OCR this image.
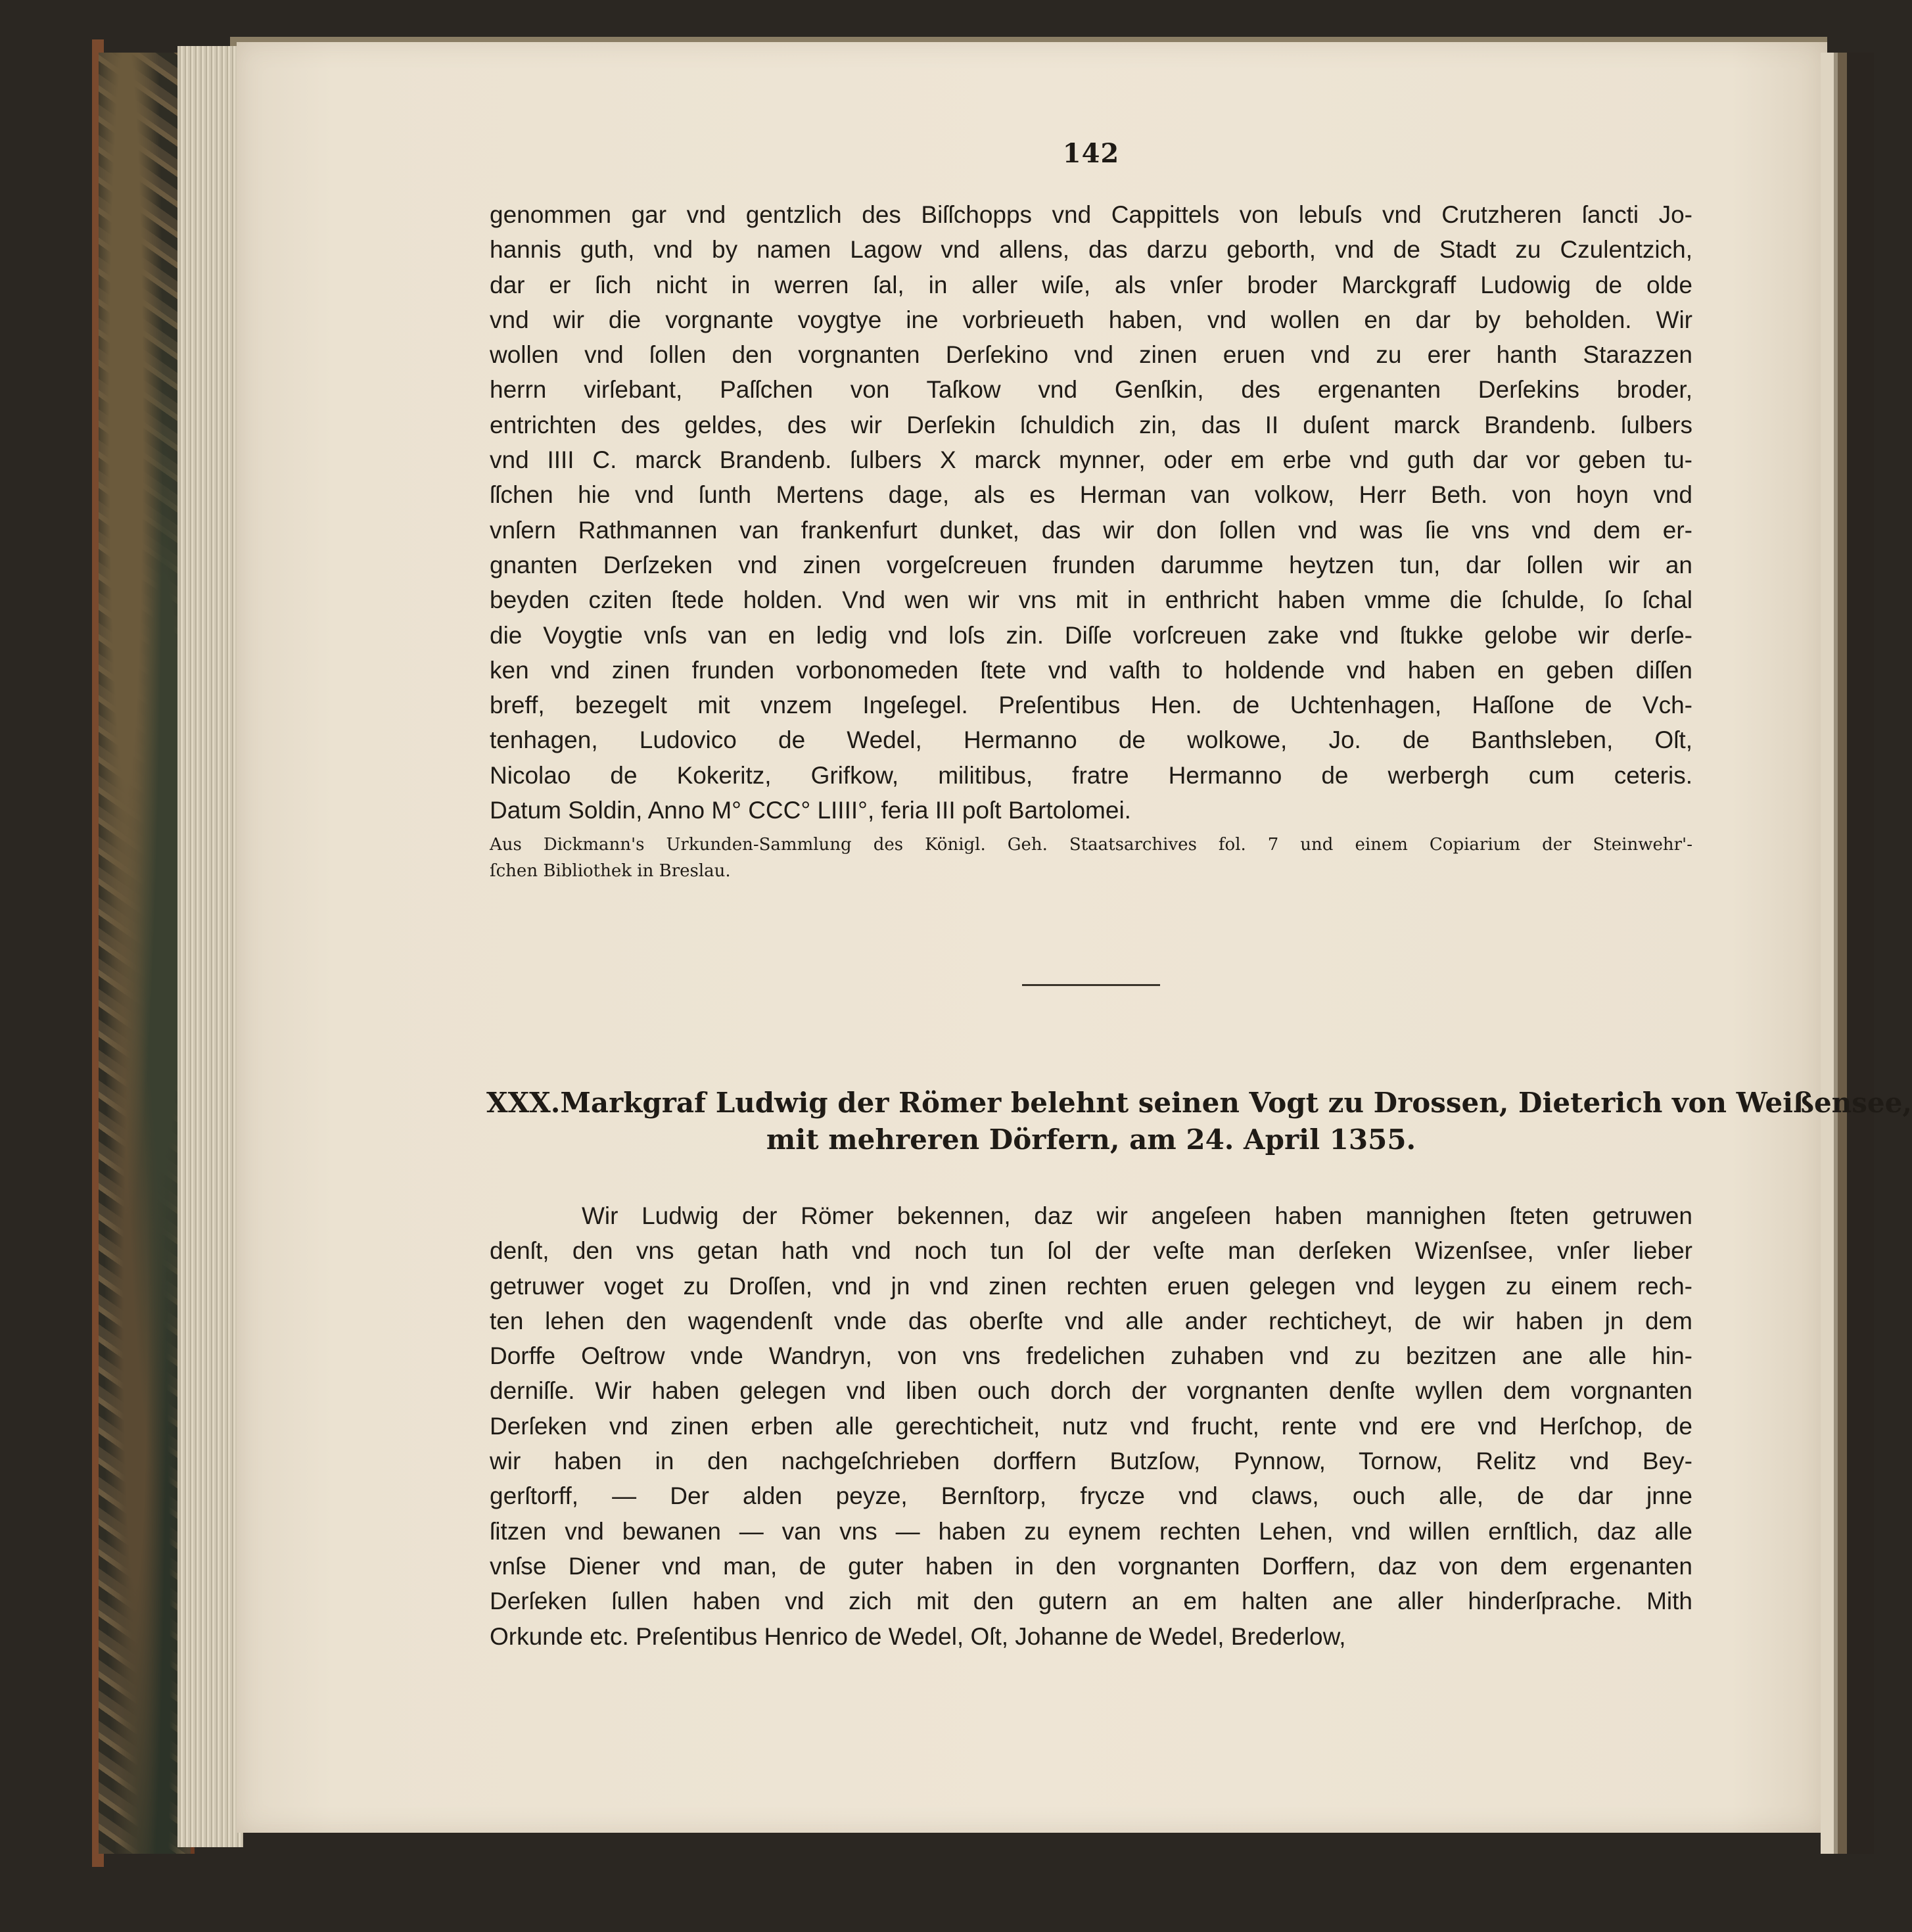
142
genommen gar vnd gentzlich des Biſſchopps vnd Cappittels von lebuſs vnd Crutzheren ſancti Jo-
hannis guth, vnd by namen Lagow vnd allens, das darzu geborth, vnd de Stadt zu Czulentzich,
dar er ſich nicht in werren ſal, in aller wiſe, als vnſer broder Marckgraff Ludowig de olde
vnd wir die vorgnante voygtye ine vorbrieueth haben, vnd wollen en dar by beholden. Wir
wollen vnd ſollen den vorgnanten Derſekino vnd zinen eruen vnd zu erer hanth Starazzen
herrn virſebant, Paſſchen von Taſkow vnd Genſkin, des ergenanten Derſekins broder,
entrichten des geldes, des wir Derſekin ſchuldich zin, das II duſent marck Brandenb. ſulbers
vnd IIII C. marck Brandenb. ſulbers X marck mynner, oder em erbe vnd guth dar vor geben tu-
ſſchen hie vnd ſunth Mertens dage, als es Herman van volkow, Herr Beth. von hoyn vnd
vnſern Rathmannen van frankenfurt dunket, das wir don ſollen vnd was ſie vns vnd dem er-
gnanten Derſzeken vnd zinen vorgeſcreuen frunden darumme heytzen tun, dar ſollen wir an
beyden cziten ſtede holden. Vnd wen wir vns mit in enthricht haben vmme die ſchulde, ſo ſchal
die Voygtie vnſs van en ledig vnd loſs zin. Diſſe vorſcreuen zake vnd ſtukke gelobe wir derſe-
ken vnd zinen frunden vorbonomeden ſtete vnd vaſth to holdende vnd haben en geben diſſen
breff, bezegelt mit vnzem Ingeſegel. Preſentibus Hen. de Uchtenhagen, Haſſone de Vch-
tenhagen, Ludovico de Wedel, Hermanno de wolkowe, Jo. de Banthsleben, Oſt,
Nicolao de Kokeritz, Grifkow, militibus, fratre Hermanno de werbergh cum ceteris.
Datum Soldin, Anno M° CCC° LIIII°, feria III poſt Bartolomei.
Aus Dickmann's Urkunden-Sammlung des Königl. Geh. Staatsarchives fol. 7 und einem Copiarium der Steinwehr'-
ſchen Bibliothek in Breslau.
XXX. Markgraf Ludwig der Römer belehnt seinen Vogt zu Drossen, Dieterich von Weißensee,
mit mehreren Dörfern, am 24. April 1355.
Wir Ludwig der Römer bekennen, daz wir angeſeen haben mannighen ſteten getruwen
denſt, den vns getan hath vnd noch tun ſol der veſte man derſeken Wizenſsee, vnſer lieber
getruwer voget zu Droſſen, vnd jn vnd zinen rechten eruen gelegen vnd leygen zu einem rech-
ten lehen den wagendenſt vnde das oberſte vnd alle ander rechticheyt, de wir haben jn dem
Dorffe Oeſtrow vnde Wandryn, von vns fredelichen zuhaben vnd zu bezitzen ane alle hin-
derniſſe. Wir haben gelegen vnd liben ouch dorch der vorgnanten denſte wyllen dem vorgnanten
Derſeken vnd zinen erben alle gerechticheit, nutz vnd frucht, rente vnd ere vnd Herſchop, de
wir haben in den nachgeſchrieben dorffern Butzſow, Pynnow, Tornow, Relitz vnd Bey-
gerſtorff, — Der alden peyze, Bernſtorp, frycze vnd claws, ouch alle, de dar jnne
ſitzen vnd bewanen — van vns — haben zu eynem rechten Lehen, vnd willen ernſtlich, daz alle
vnſse Diener vnd man, de guter haben in den vorgnanten Dorffern, daz von dem ergenanten
Derſeken ſullen haben vnd zich mit den gutern an em halten ane aller hinderſprache. Mith
Orkunde etc. Preſentibus Henrico de Wedel, Oſt, Johanne de Wedel, Brederlow,
